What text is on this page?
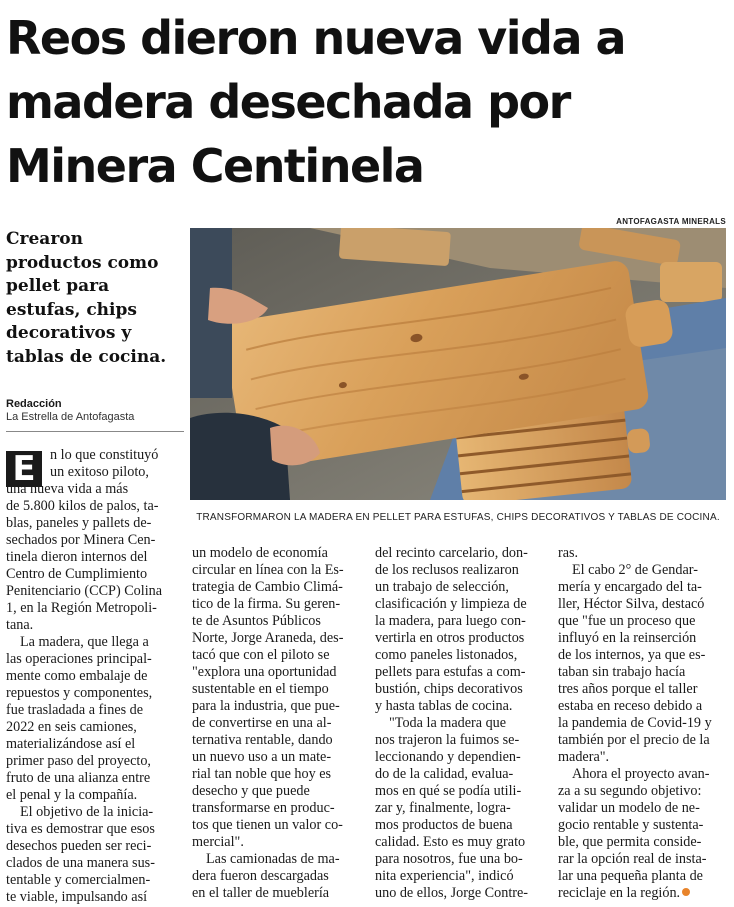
Reos dieron nueva vida a
madera desechada por
Minera Centinela
ANTOFAGASTA MINERALS
TRANSFORMARON LA MADERA EN PELLET PARA ESTUFAS, CHIPS DECORATIVOS Y TABLAS DE COCINA.
Crearon
productos como
pellet para
estufas, chips
decorativos y
tablas de cocina.
Redacción
La Estrella de Antofagasta
E	n lo que constituyó
un exitoso piloto,
una nueva vida a más
de 5.800 kilos de palos, ta-
blas, paneles y pallets de-
sechados por Minera Cen-
tinela dieron internos del
Centro de Cumplimiento
Penitenciario (CCP) Colina
1, en la Región Metropoli-
tana.
La madera, que llega a
las operaciones principal-
mente como embalaje de
repuestos y componentes,
fue trasladada a fines de
2022 en seis camiones,
materializándose así el
primer paso del proyecto,
fruto de una alianza entre
el penal y la compañía.
El objetivo de la inicia-
tiva es demostrar que esos
desechos pueden ser reci-
clados de una manera sus-
tentable y comercialmen-
te viable, impulsando así
un modelo de economía
circular en línea con la Es-
trategia de Cambio Climá-
tico de la firma. Su geren-
te de Asuntos Públicos
Norte, Jorge Araneda, des-
tacó que con el piloto se
"explora una oportunidad
sustentable en el tiempo
para la industria, que pue-
de convertirse en una al-
ternativa rentable, dando
un nuevo uso a un mate-
rial tan noble que hoy es
desecho y que puede
transformarse en produc-
tos que tienen un valor co-
mercial".
Las camionadas de ma-
dera fueron descargadas
en el taller de mueblería
del recinto carcelario, don-
de los reclusos realizaron
un trabajo de selección,
clasificación y limpieza de
la madera, para luego con-
vertirla en otros productos
como paneles listonados,
pellets para estufas a com-
bustión, chips decorativos
y hasta tablas de cocina.
"Toda la madera que
nos trajeron la fuimos se-
leccionando y dependien-
do de la calidad, evalua-
mos en qué se podía utili-
zar y, finalmente, logra-
mos productos de buena
calidad. Esto es muy grato
para nosotros, fue una bo-
nita experiencia", indicó
uno de ellos, Jorge Contre-
ras.
El cabo 2° de Gendar-
mería y encargado del ta-
ller, Héctor Silva, destacó
que "fue un proceso que
influyó en la reinserción
de los internos, ya que es-
taban sin trabajo hacía
tres años porque el taller
estaba en receso debido a
la pandemia de Covid-19 y
también por el precio de la
madera".
Ahora el proyecto avan-
za a su segundo objetivo:
validar un modelo de ne-
gocio rentable y sustenta-
ble, que permita conside-
rar la opción real de insta-
lar una pequeña planta de
reciclaje en la región.
